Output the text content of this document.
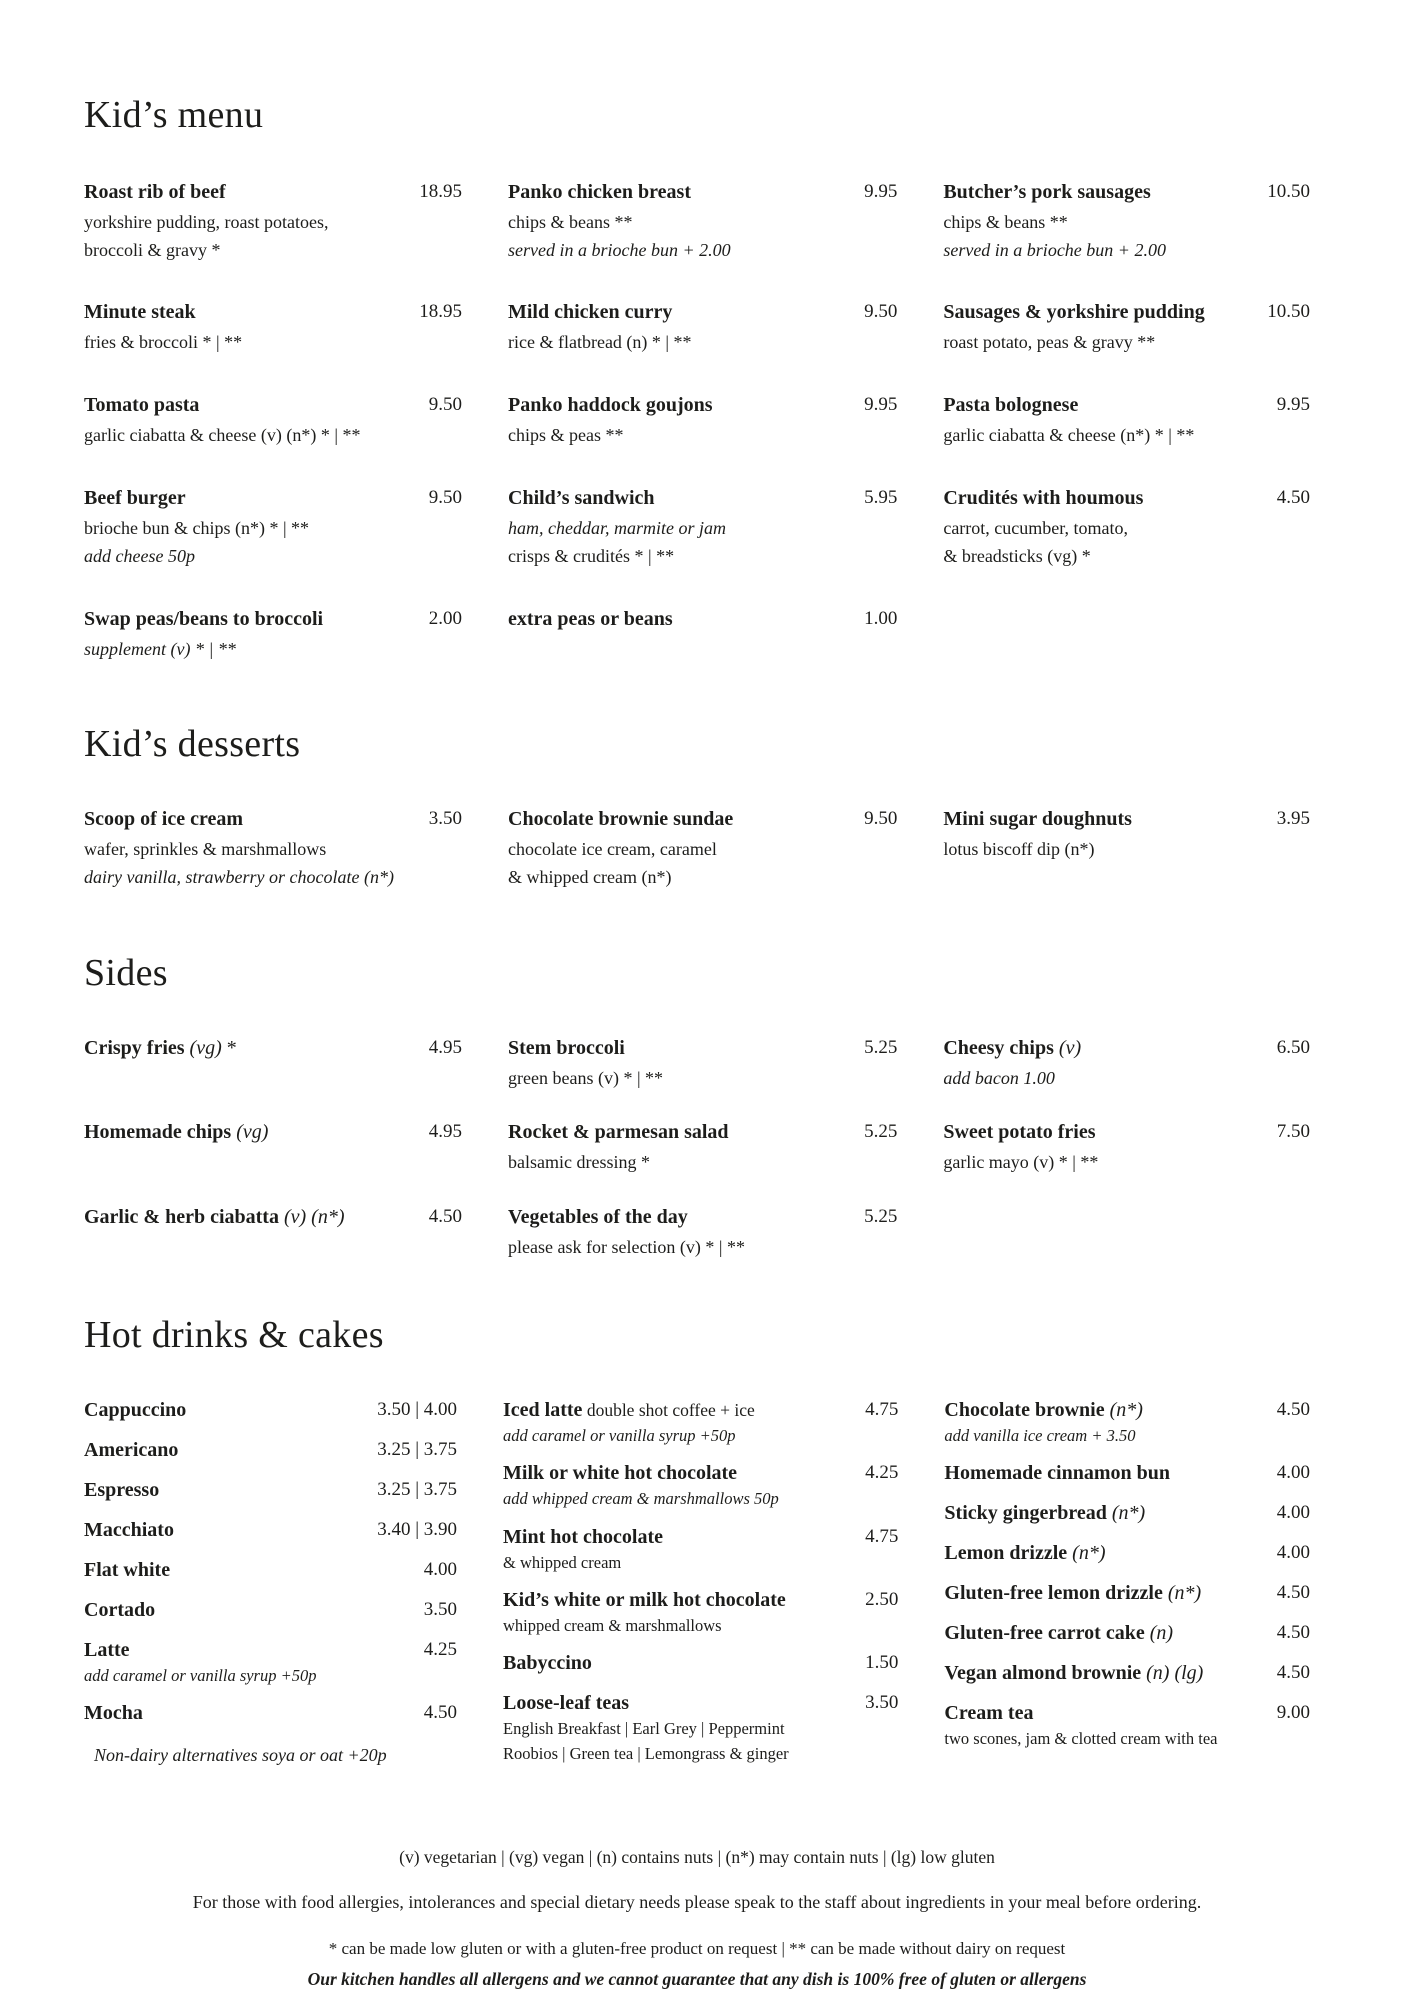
Kid’s menu
Roast rib of beef
yorkshire pudding, roast potatoes,
broccoli & gravy *
18.95 Panko chicken breast
chips & beans **
served in a brioche bun + 2.00
9.95 Butcher’s pork sausages
chips & beans **
served in a brioche bun + 2.00
10.50
Minute steak
fries & broccoli * | **
18.95 Mild chicken curry
rice & flatbread (n) * | **
9.50 Sausages & yorkshire pudding
roast potato, peas & gravy **
10.50
Tomato pasta
garlic ciabatta & cheese (v) (n*) * | **
9.50 Panko haddock goujons
chips & peas **
9.95 Pasta bolognese
garlic ciabatta & cheese (n*) * | **
9.95
Beef burger
brioche bun & chips (n*) * | **
add cheese 50p
9.50 Child’s sandwich
ham, cheddar, marmite or jam
crisps & crudités * | **
5.95 Crudités with houmous
carrot, cucumber, tomato,
& breadsticks (vg) *
4.50
Swap peas/beans to broccoli
supplement (v) * | **
2.00 extra peas or beans	1.00
Kid’s desserts
Scoop of ice cream
wafer, sprinkles & marshmallows
dairy vanilla, strawberry or chocolate (n*)
3.50 Chocolate brownie sundae
chocolate ice cream, caramel
& whipped cream (n*)
9.50 Mini sugar doughnuts
lotus biscoff dip (n*)
3.95
Sides
Crispy fries (vg) *	4.95 Stem broccoli
green beans (v) * | **
5.25 Cheesy chips (v)
add bacon 1.00
6.50
Homemade chips (vg)	4.95 Rocket & parmesan salad
balsamic dressing *
5.25 Sweet potato fries
garlic mayo (v) * | **
7.50
Garlic & herb ciabatta (v) (n*)	4.50 Vegetables of the day
please ask for selection (v) * | **
5.25
Hot drinks & cakes
Cappuccino	3.50 | 4.00
Americano	3.25 | 3.75
Espresso	3.25 | 3.75
Macchiato	3.40 | 3.90
Flat white	4.00
Cortado	3.50
Latte
add caramel or vanilla syrup +50p
4.25
Mocha	4.50
Non-dairy alternatives soya or oat +20p
Iced latte double shot coffee + ice
add caramel or vanilla syrup +50p
4.75
Milk or white hot chocolate
add whipped cream & marshmallows 50p
4.25
Mint hot chocolate
& whipped cream
4.75
Kid’s white or milk hot chocolate
whipped cream & marshmallows
2.50
Babyccino	1.50
Loose-leaf teas
English Breakfast | Earl Grey | Peppermint
Roobios | Green tea | Lemongrass & ginger
3.50
Chocolate brownie (n*)
add vanilla ice cream + 3.50
4.50
Homemade cinnamon bun	4.00
Sticky gingerbread (n*)	4.00
Lemon drizzle (n*)	4.00
Gluten-free lemon drizzle (n*)	4.50
Gluten-free carrot cake (n)	4.50
Vegan almond brownie (n) (lg)	4.50
Cream tea
two scones, jam & clotted cream with tea
9.00

(v) vegetarian | (vg) vegan | (n) contains nuts | (n*) may contain nuts | (lg) low gluten

For those with food allergies, intolerances and special dietary needs please speak to the staff about ingredients in your meal before ordering.

* can be made low gluten or with a gluten-free product on request | ** can be made without dairy on request

Our kitchen handles all allergens and we cannot guarantee that any dish is 100% free of gluten or allergens
